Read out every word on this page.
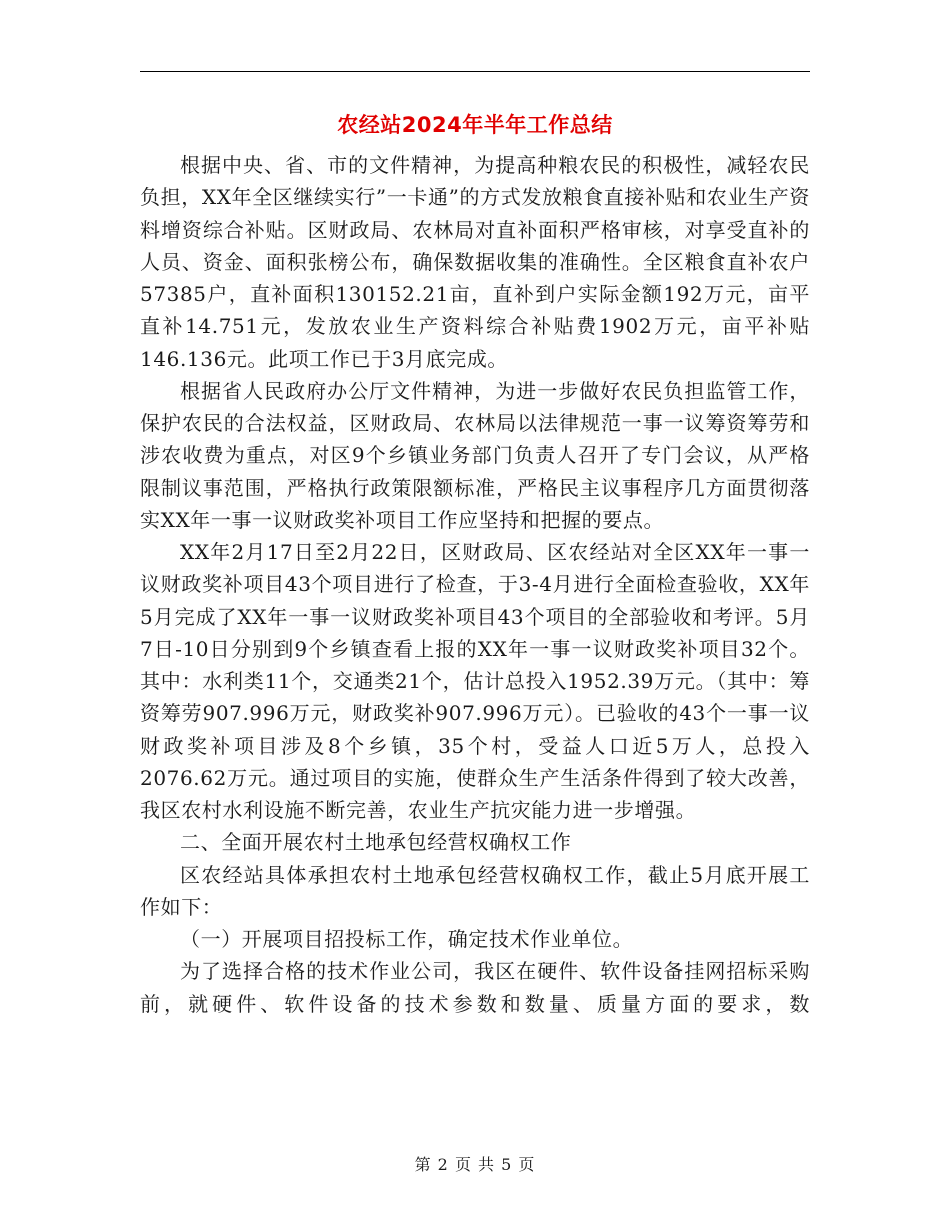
农经站2024年半年工作总结

根据中央、省、市的文件精神，为提高种粮农民的积极性，减轻农民负担，XX年全区继续实行”一卡通”的方式发放粮食直接补贴和农业生产资料增资综合补贴。区财政局、农林局对直补面积严格审核，对享受直补的人员、资金、面积张榜公布，确保数据收集的准确性。全区粮食直补农户57385户，直补面积130152.21亩，直补到户实际金额192万元，亩平直补14.751元，发放农业生产资料综合补贴费1902万元，亩平补贴146.136元。此项工作已于3月底完成。

根据省人民政府办公厅文件精神，为进一步做好农民负担监管工作，保护农民的合法权益，区财政局、农林局以法律规范一事一议筹资筹劳和涉农收费为重点，对区9个乡镇业务部门负责人召开了专门会议，从严格限制议事范围，严格执行政策限额标准，严格民主议事程序几方面贯彻落实XX年一事一议财政奖补项目工作应坚持和把握的要点。

XX年2月17日至2月22日，区财政局、区农经站对全区XX年一事一议财政奖补项目43个项目进行了检查，于3-4月进行全面检查验收，XX年5月完成了XX年一事一议财政奖补项目43个项目的全部验收和考评。5月7日-10日分别到9个乡镇查看上报的XX年一事一议财政奖补项目32个。其中：水利类11个，交通类21个，估计总投入1952.39万元。（其中：筹资筹劳907.996万元，财政奖补907.996万元）。已验收的43个一事一议财政奖补项目涉及8个乡镇，35个村，受益人口近5万人，总投入2076.62万元。通过项目的实施，使群众生产生活条件得到了较大改善，我区农村水利设施不断完善，农业生产抗灾能力进一步增强。

二、全面开展农村土地承包经营权确权工作

区农经站具体承担农村土地承包经营权确权工作，截止5月底开展工作如下：

（一）开展项目招投标工作，确定技术作业单位。

为了选择合格的技术作业公司，我区在硬件、软件设备挂网招标采购前，就硬件、软件设备的技术参数和数量、质量方面的要求，数

第 2 页 共 5 页
